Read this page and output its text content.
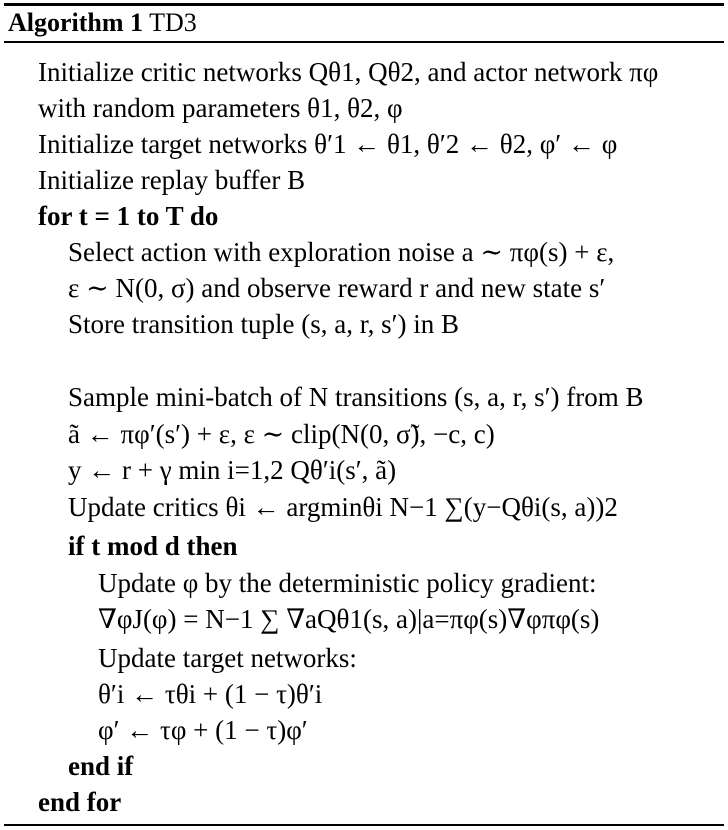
Algorithm 1 TD3
Initialize critic networks Qθ1, Qθ2, and actor network πφ
with random parameters θ1, θ2, φ
Initialize target networks θ′1 ← θ1, θ′2 ← θ2, φ′ ← φ
Initialize replay buffer B
for t = 1 to T do
Select action with exploration noise a ∼ πφ(s) + ε,
ε ∼ N(0, σ) and observe reward r and new state s′
Store transition tuple (s, a, r, s′) in B
Sample mini-batch of N transitions (s, a, r, s′) from B
ã ← πφ′(s′) + ε, ε ∼ clip(N(0, σ̃), −c, c)
y ← r + γ min i=1,2 Qθ′i(s′, ã)
Update critics θi ← argminθi N−1 ∑(y−Qθi(s, a))2
if t mod d then
Update φ by the deterministic policy gradient:
∇φJ(φ) = N−1 ∑ ∇aQθ1(s, a)|a=πφ(s)∇φπφ(s)
Update target networks:
θ′i ← τθi + (1 − τ)θ′i
φ′ ← τφ + (1 − τ)φ′
end if
end for
